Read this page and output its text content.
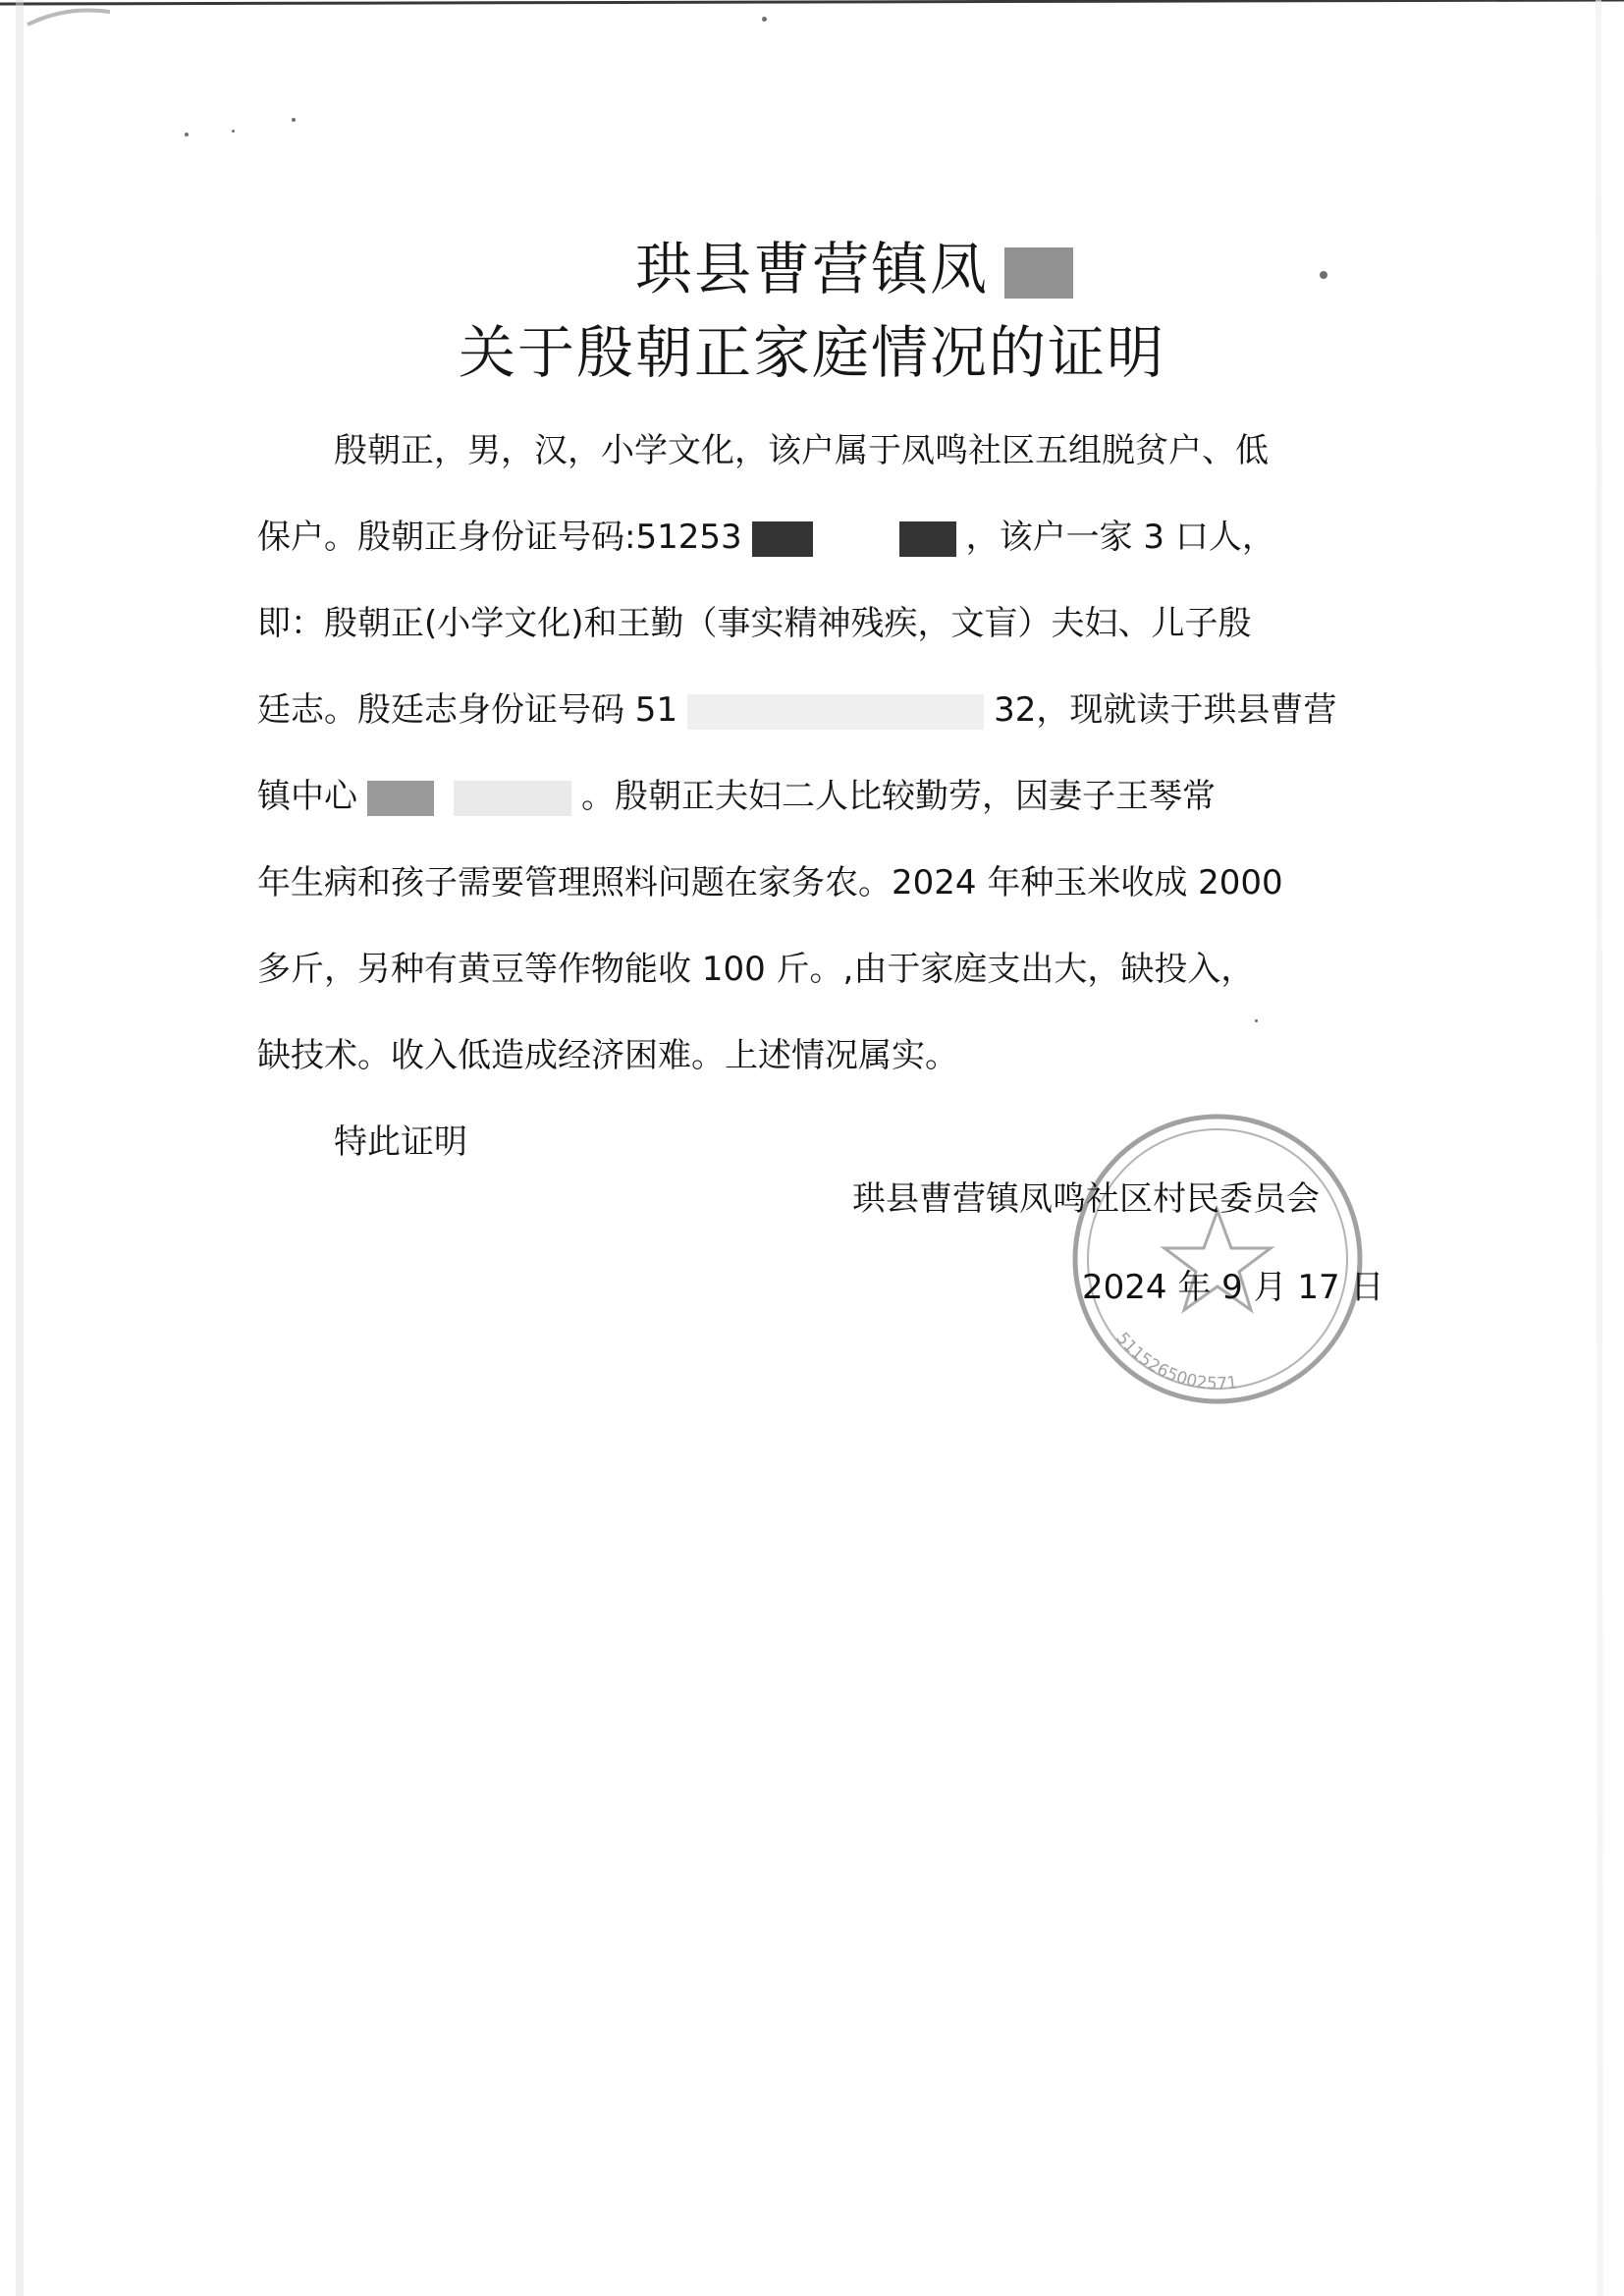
珙县曹营镇凤
关于殷朝正家庭情况的证明
殷朝正，男，汉，小学文化，该户属于凤鸣社区五组脱贫户、低
保户。殷朝正身份证号码:51253	，该户一家 3 口人，
即：殷朝正(小学文化)和王勤（事实精神残疾，文盲）夫妇、儿子殷
廷志。殷廷志身份证号码 51	32，现就读于珙县曹营
镇中心	。殷朝正夫妇二人比较勤劳，因妻子王琴常
年生病和孩子需要管理照料问题在家务农。2024 年种玉米收成 2000
多斤，另种有黄豆等作物能收 100 斤。,由于家庭支出大，缺投入，
缺技术。收入低造成经济困难。上述情况属实。
特此证明
5115265002571
珙县曹营镇凤鸣社区村民委员会
2024 年 9 月 17 日
